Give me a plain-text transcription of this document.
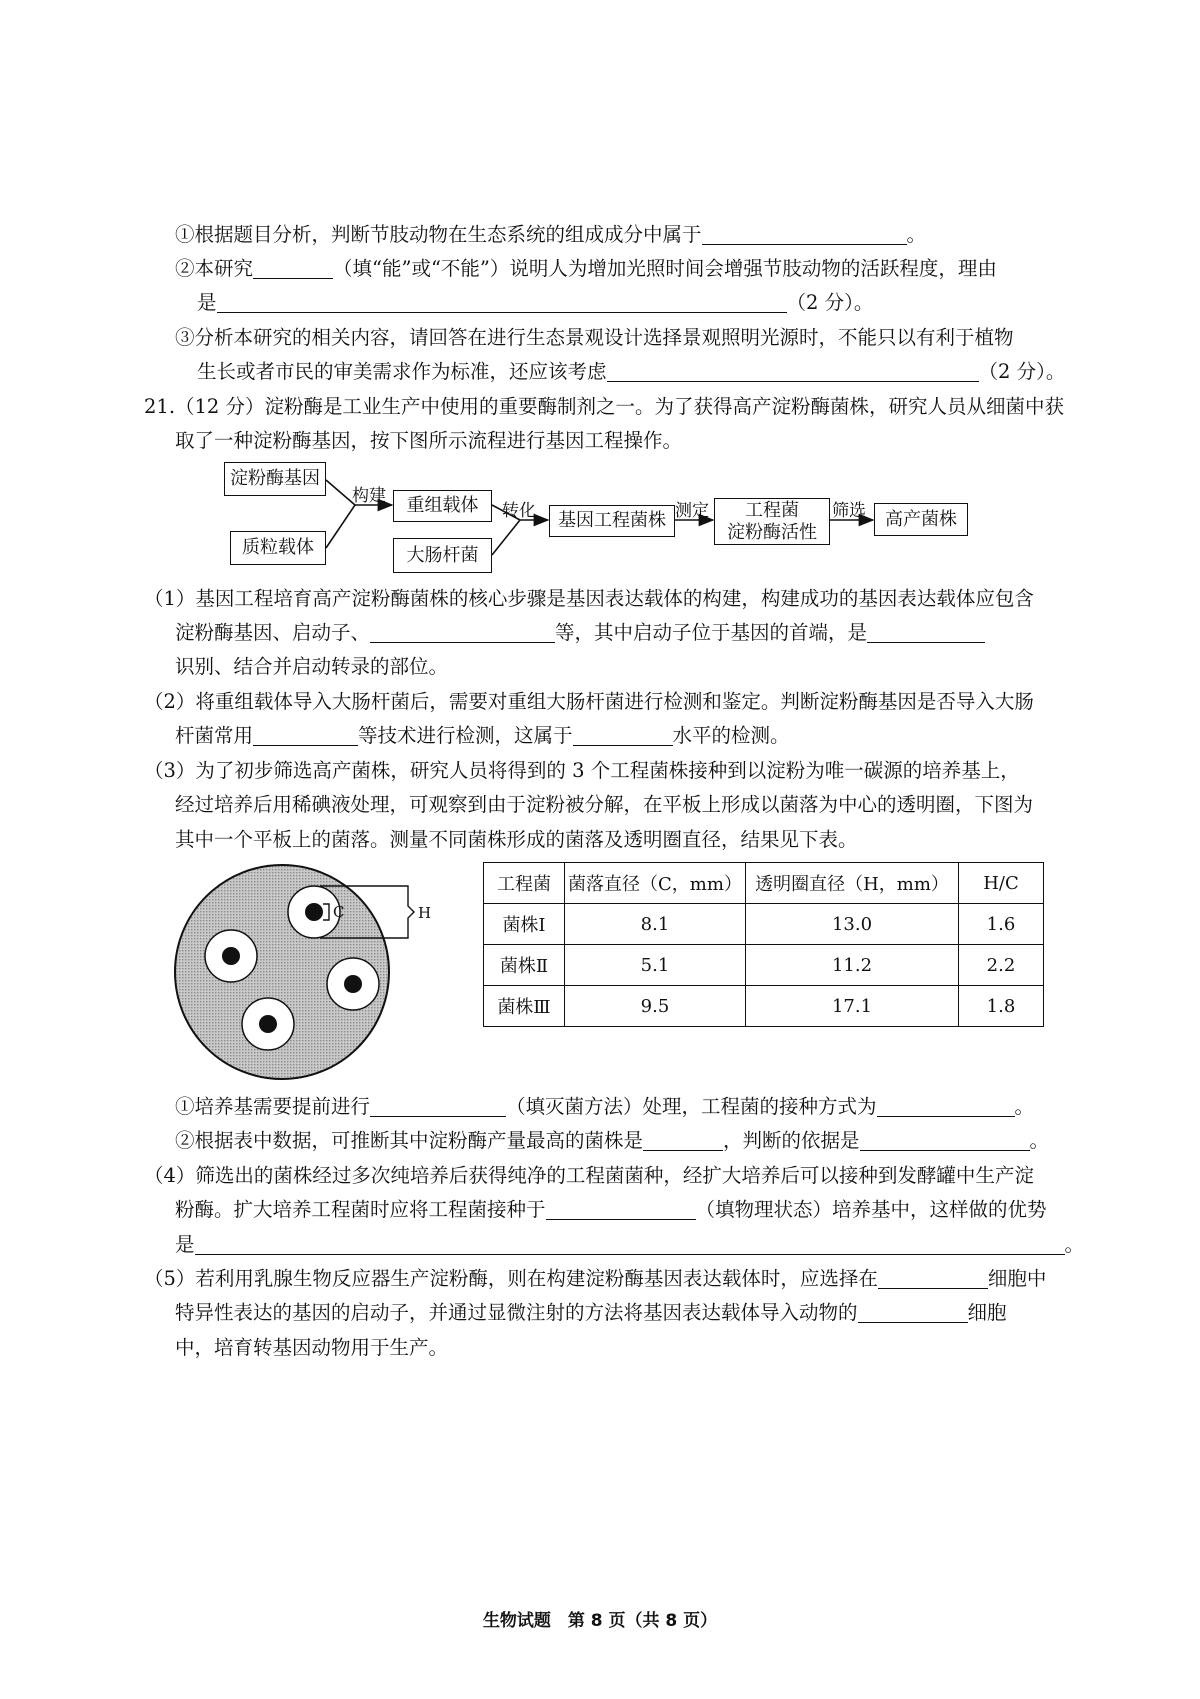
①根据题目分析，判断节肢动物在生态系统的组成成分中属于	。
②本研究	（填“能”或“不能”）说明人为增加光照时间会增强节肢动物的活跃程度，理由
是	（2 分）。
③分析本研究的相关内容，请回答在进行生态景观设计选择景观照明光源时，不能只以有利于植物
生长或者市民的审美需求作为标准，还应该考虑	（2 分）。
21.（12 分）淀粉酶是工业生产中使用的重要酶制剂之一。为了获得高产淀粉酶菌株，研究人员从细菌中获
取了一种淀粉酶基因，按下图所示流程进行基因工程操作。
淀粉酶基因
质粒载体
构建	重组载体
大肠杆菌
转化	基因工程菌株 测定 工程菌
淀粉酶活性
筛选	高产菌株
（1）基因工程培育高产淀粉酶菌株的核心步骤是基因表达载体的构建，构建成功的基因表达载体应包含
淀粉酶基因、启动子、	等，其中启动子位于基因的首端，是
识别、结合并启动转录的部位。
（2）将重组载体导入大肠杆菌后，需要对重组大肠杆菌进行检测和鉴定。判断淀粉酶基因是否导入大肠
杆菌常用	等技术进行检测，这属于	水平的检测。
（3）为了初步筛选高产菌株，研究人员将得到的 3 个工程菌株接种到以淀粉为唯一碳源的培养基上，
经过培养后用稀碘液处理，可观察到由于淀粉被分解，在平板上形成以菌落为中心的透明圈，下图为
其中一个平板上的菌落。测量不同菌株形成的菌落及透明圈直径，结果见下表。
C	H
工程菌	菌落直径（C，mm）	透明圈直径（H，mm）	H/C
菌株Ⅰ	8.1	13.0	1.6
菌株Ⅱ	5.1	11.2	2.2
菌株Ⅲ	9.5	17.1	1.8
①培养基需要提前进行	（填灭菌方法）处理，工程菌的接种方式为	。
②根据表中数据，可推断其中淀粉酶产量最高的菌株是	，判断的依据是	。
（4）筛选出的菌株经过多次纯培养后获得纯净的工程菌菌种，经扩大培养后可以接种到发酵罐中生产淀
粉酶。扩大培养工程菌时应将工程菌接种于	（填物理状态）培养基中，这样做的优势
是	。
（5）若利用乳腺生物反应器生产淀粉酶，则在构建淀粉酶基因表达载体时，应选择在	细胞中
特异性表达的基因的启动子，并通过显微注射的方法将基因表达载体导入动物的	细胞
中，培育转基因动物用于生产。
生物试题　第 8 页（共 8 页）
